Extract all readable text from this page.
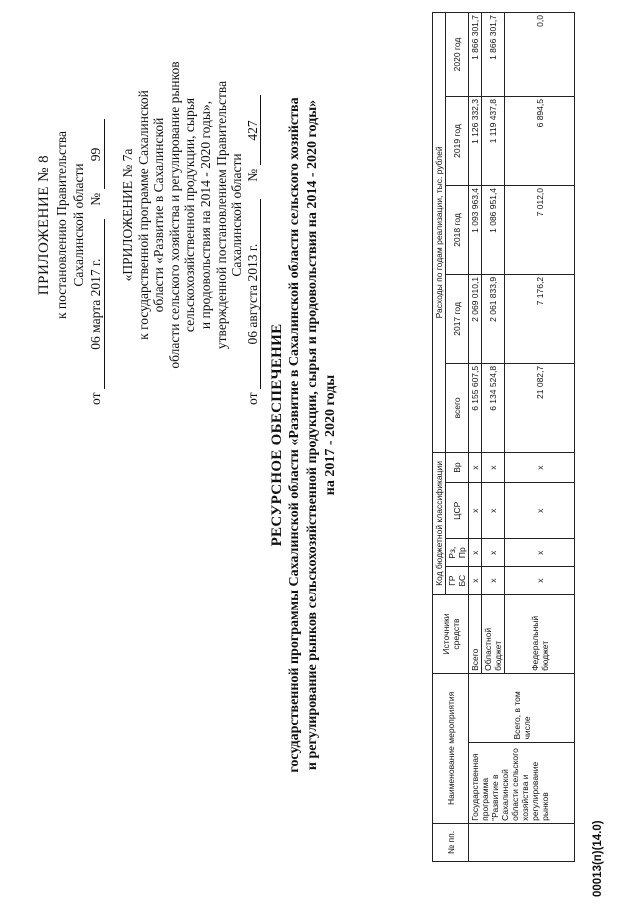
ПРИЛОЖЕНИЕ № 8 к постановлению Правительства Сахалинской области
от 06 марта 2017 г. № 99 «ПРИЛОЖЕНИЕ № 7а к государственной программе Сахалинской области «Развитие в Сахалинской области сельского хозяйства и регулирование рынков сельскохозяйственной продукции, сырья и продовольствия на 2014 - 2020 годы», утвержденной постановлением Правительства Сахалинской области
от 06 августа 2013 г. № 427
РЕСУРСНОЕ ОБЕСПЕЧЕНИЕ государственной программы Сахалинской области «Развитие в Сахалинской области сельского хозяйства и регулирование рынков сельскохозяйственной продукции, сырья и продовольствия на 2014 - 2020 годы» на 2017 - 2020 годы
№ пп.	Наименование мероприятия		Источники средств	Код бюджетной классификации				Расходы по годам реализации, тыс. рублей				
				ГР БС	Рз, Пр	ЦСР	Вр	всего	2017 год	2018 год	2019 год	2020 год
	Государственная программа "Развитие в Сахалинской области сельского хозяйства и регулирование рынков	Всего, в том числе	Всего	х	х	х	х	6 155 607,5	2 069 010,1	1 093 963,4	1 126 332,3	1 866 301,7
			Областной бюджет	х	х	х	х	6 134 524,8	2 061 833,9	1 086 951,4	1 119 437,8	1 866 301,7
			Федеральный бюджет	х	х	х	х	21 082,7	7 176,2	7 012,0	6 894,5	0,0
00013(п)(14.0)
